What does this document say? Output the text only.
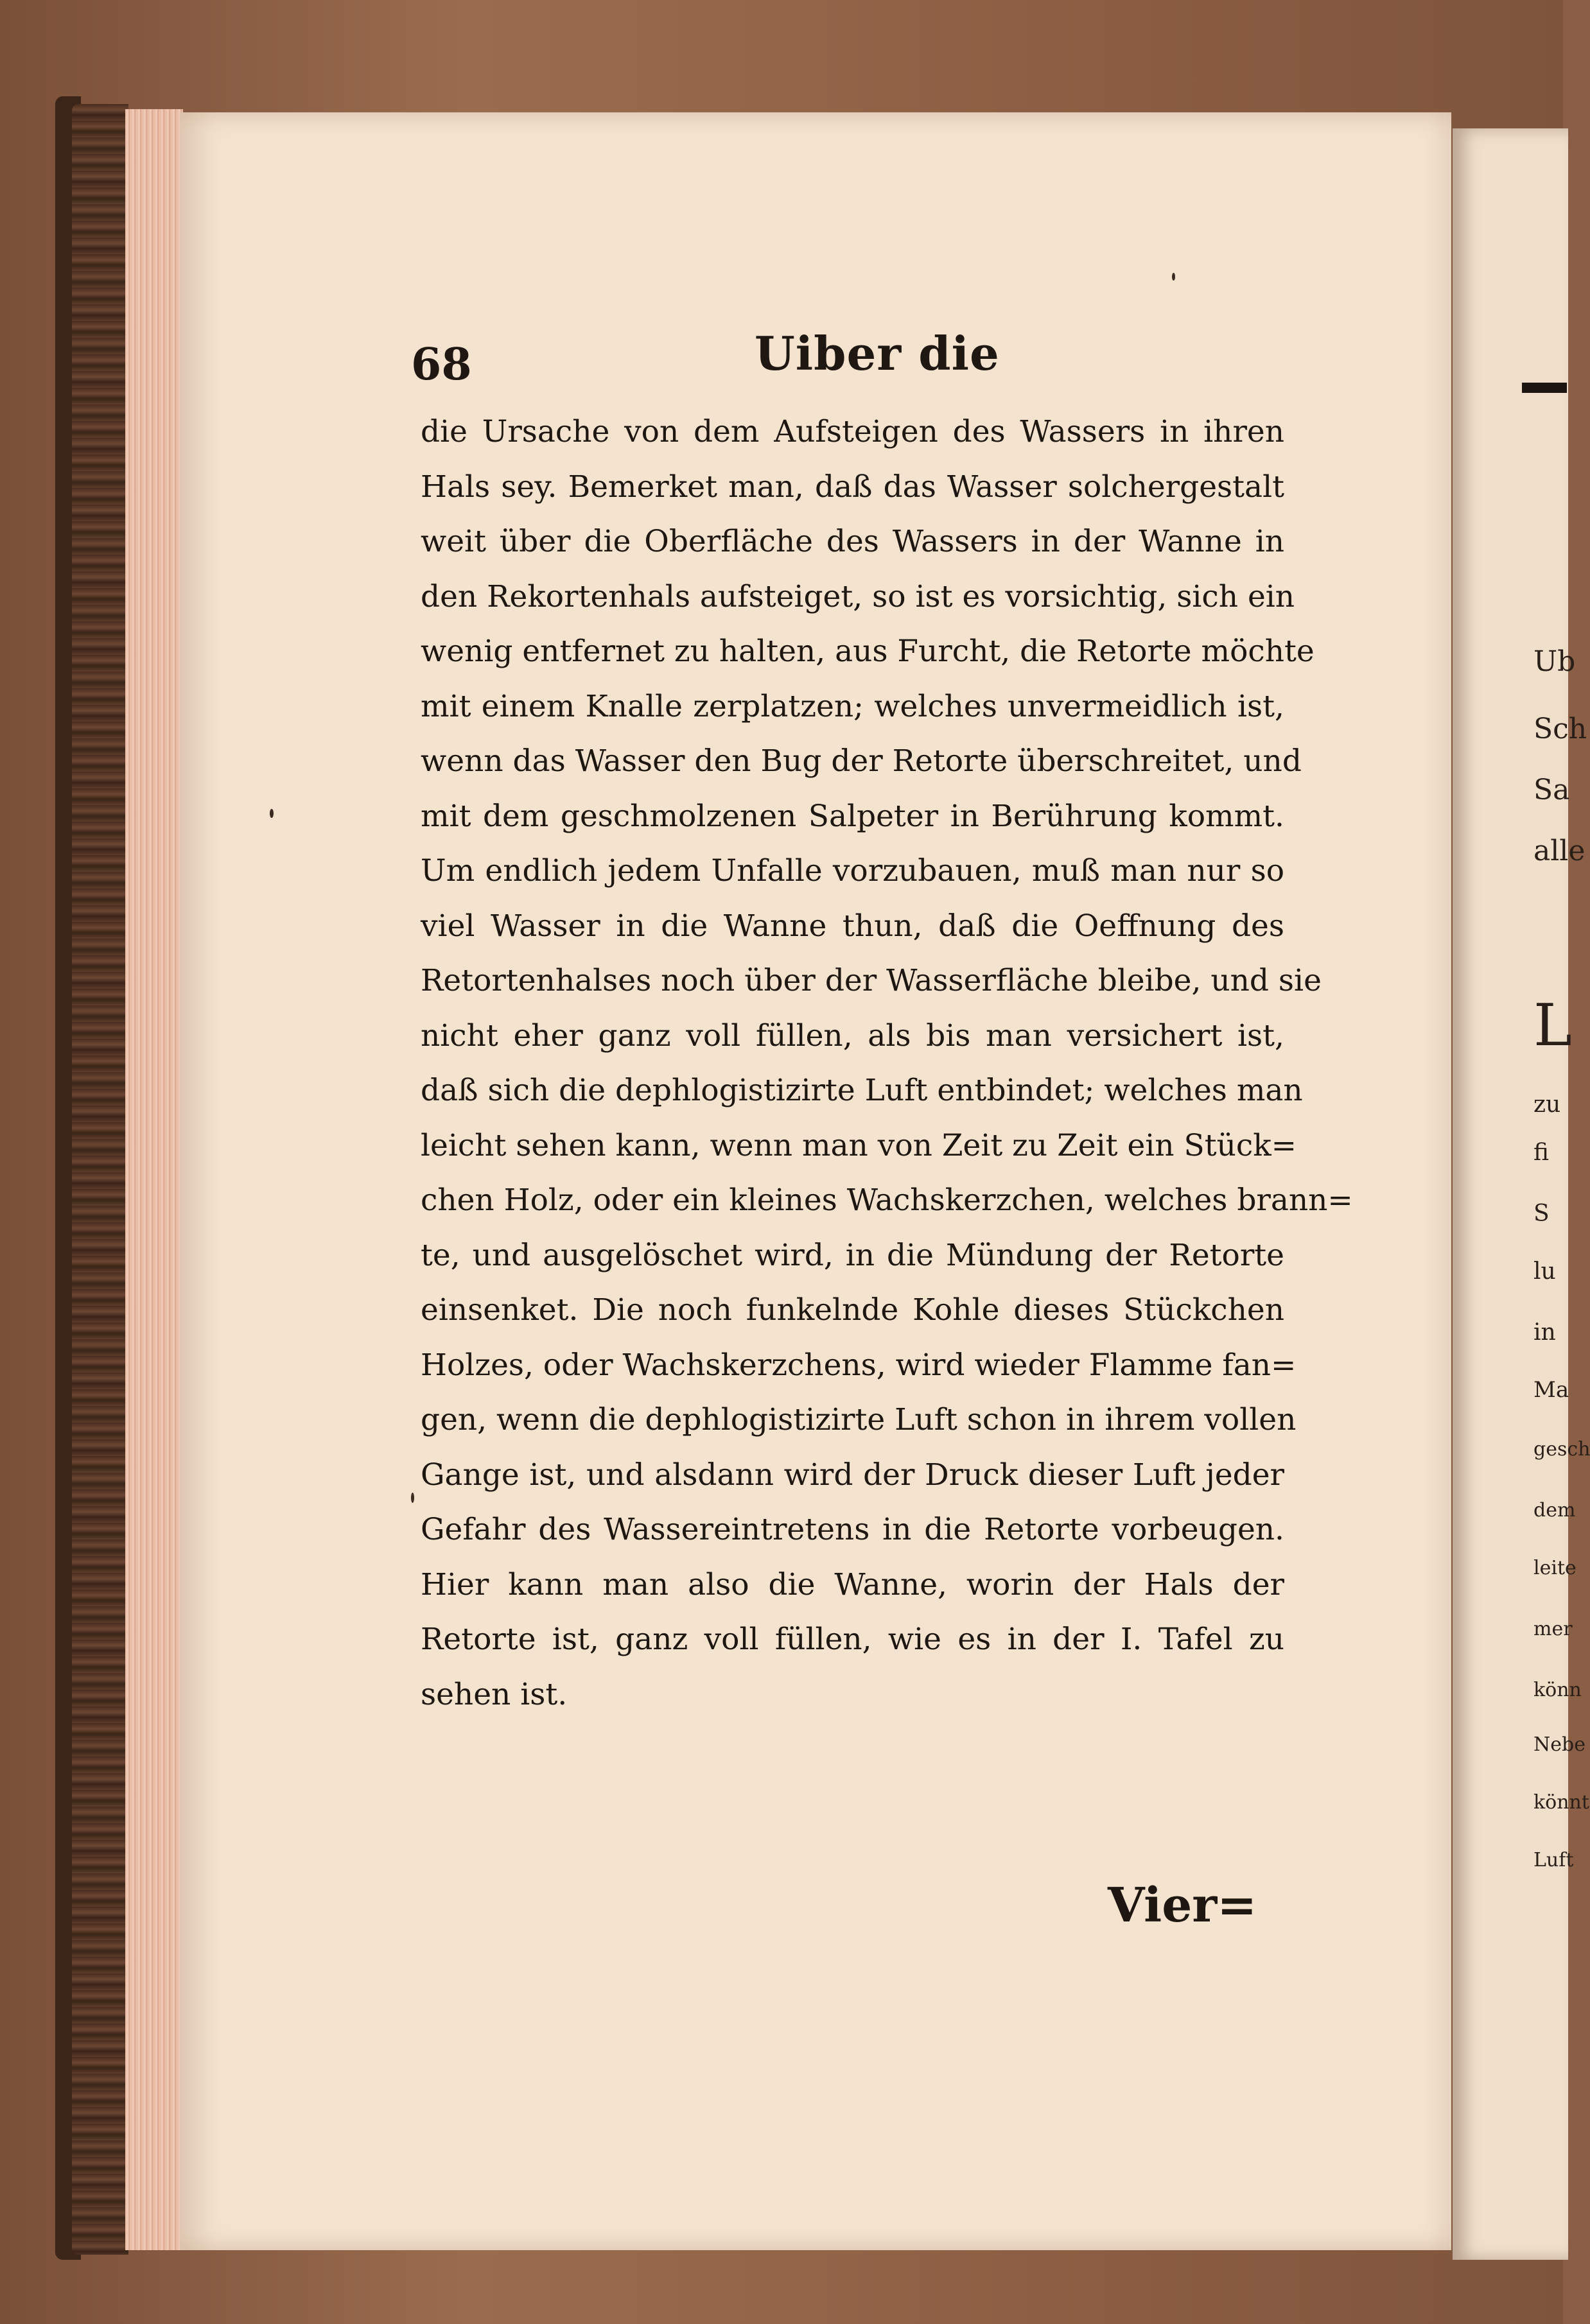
68	Uiber die
die Ursache von dem Aufsteigen des Wassers in ihren
Hals sey. Bemerket man, daß das Wasser solchergestalt
weit über die Oberfläche des Wassers in der Wanne in
den Rekortenhals aufsteiget, so ist es vorsichtig, sich ein
wenig entfernet zu halten, aus Furcht, die Retorte möchte
mit einem Knalle zerplatzen; welches unvermeidlich ist,
wenn das Wasser den Bug der Retorte überschreitet, und
mit dem geschmolzenen Salpeter in Berührung kommt.
Um endlich jedem Unfalle vorzubauen, muß man nur so
viel Wasser in die Wanne thun, daß die Oeffnung des
Retortenhalses noch über der Wasserfläche bleibe, und sie
nicht eher ganz voll füllen, als bis man versichert ist,
daß sich die dephlogistizirte Luft entbindet; welches man
leicht sehen kann, wenn man von Zeit zu Zeit ein Stück=
chen Holz, oder ein kleines Wachskerzchen, welches brann=
te, und ausgelöschet wird, in die Mündung der Retorte
einsenket. Die noch funkelnde Kohle dieses Stückchen
Holzes, oder Wachskerzchens, wird wieder Flamme fan=
gen, wenn die dephlogistizirte Luft schon in ihrem vollen
Gange ist, und alsdann wird der Druck dieser Luft jeder
Gefahr des Wassereintretens in die Retorte vorbeugen.
Hier kann man also die Wanne, worin der Hals der
Retorte ist, ganz voll füllen, wie es in der I. Tafel zu
sehen ist.
Vier=
Ub
Sch
Sa
alle
L
zu
fi
S
lu
in
Ma
gesch
dem
leite
mer
könn
Nebe
könnt
Luft
